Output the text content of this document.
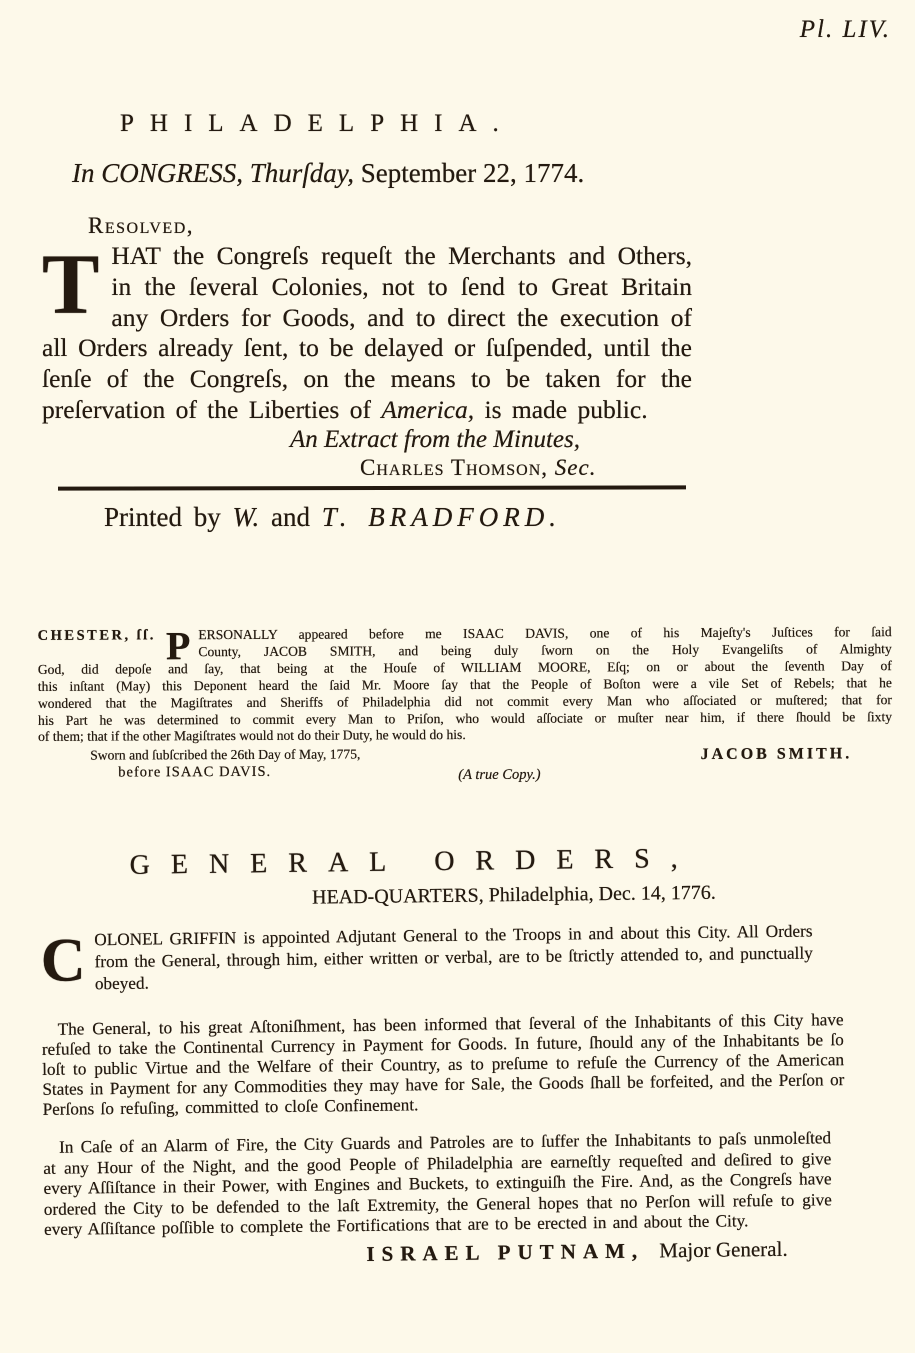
Pl. LIV.
PHILADELPHIA.
In CONGRESS, Thurſday, September 22, 1774.
Resolved,
THAT the Congreſs requeſt the Merchants and Others, in the ſeveral Colonies, not to ſend to Great Britain any Orders for Goods, and to direct the execution of all Orders already ſent, to be delayed or ſuſpended, until the ſenſe of the Congreſs, on the means to be taken for the preſervation of the Liberties of America, is made public.
An Extract from the Minutes,
Charles Thomson, Sec.
Printed by W. and T. BRADFORD.
CHESTER, ſſ. P ERSONALLY appeared before me ISAAC DAVIS, one of his Majeſty's Juſtices for ſaid
County, JACOB SMITH, and being duly ſworn on the Holy Evangeliſts of Almighty
God, did depoſe and ſay, that being at the Houſe of WILLIAM MOORE, Eſq; on or about the ſeventh Day of
this inſtant (May) this Deponent heard the ſaid Mr. Moore ſay that the People of Boſton were a vile Set of Rebels; that he
wondered that the Magiſtrates and Sheriffs of Philadelphia did not commit every Man who aſſociated or muſtered; that for
his Part he was determined to commit every Man to Priſon, who would aſſociate or muſter near him, if there ſhould be ſixty
of them; that if the other Magiſtrates would not do their Duty, he would do his.
Sworn and ſubſcribed the 26th Day of May, 1775,
before ISAAC DAVIS.	(A true Copy.)
JACOB SMITH.
GENERAL ORDERS,
HEAD-QUARTERS, Philadelphia, Dec. 14, 1776.
COLONEL GRIFFIN is appointed Adjutant General to the Troops in and about this City. All Orders from the General, through him, either written or verbal, are to be ſtrictly attended to, and punctually obeyed.
The General, to his great Aſtoniſhment, has been informed that ſeveral of the Inhabitants of this City have refuſed to take the Continental Currency in Payment for Goods. In future, ſhould any of the Inhabitants be ſo loſt to public Virtue and the Welfare of their Country, as to preſume to refuſe the Currency of the American States in Payment for any Commodities they may have for Sale, the Goods ſhall be forfeited, and the Perſon or Perſons ſo refuſing, committed to cloſe Confinement.
In Caſe of an Alarm of Fire, the City Guards and Patroles are to ſuffer the Inhabitants to paſs unmoleſted at any Hour of the Night, and the good People of Philadelphia are earneſtly requeſted and deſired to give every Aſſiſtance in their Power, with Engines and Buckets, to extinguiſh the Fire. And, as the Congreſs have ordered the City to be defended to the laſt Extremity, the General hopes that no Perſon will refuſe to give every Aſſiſtance poſſible to complete the Fortifications that are to be erected in and about the City.
ISRAEL PUTNAM, Major General.
